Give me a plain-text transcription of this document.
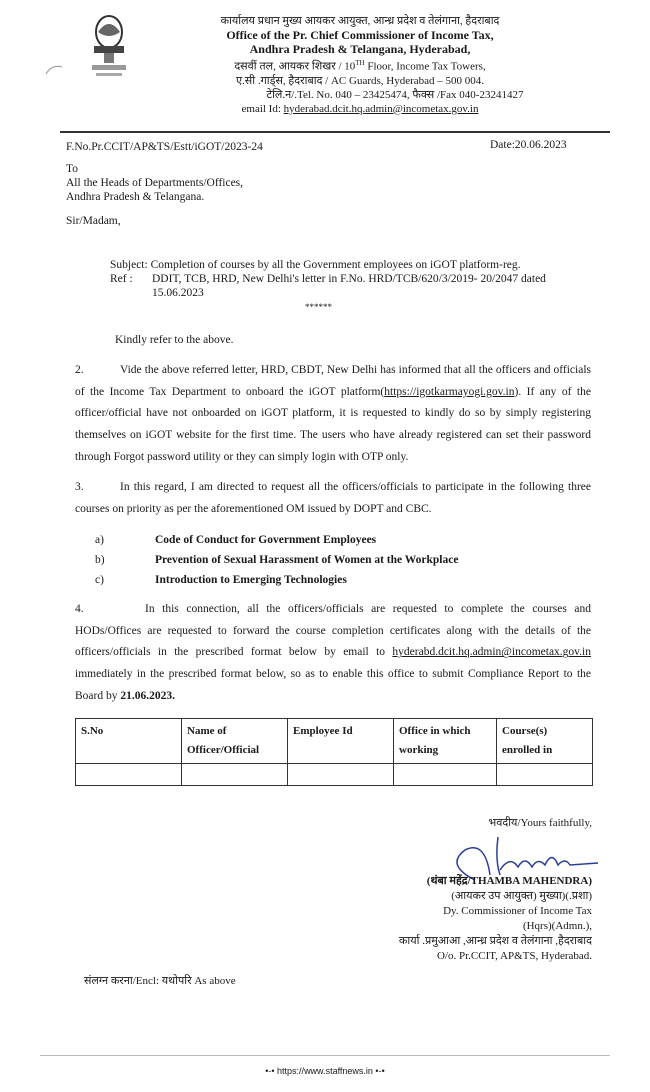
कार्यालय प्रधान मुख्य आयकर आयुक्त, आन्ध्र प्रदेश व तेलंगाना, हैदराबाद
Office of the Pr. Chief Commissioner of Income Tax,
Andhra Pradesh & Telangana, Hyderabad,
दसवीं तल, आयकर शिखर / 10TH Floor, Income Tax Towers,
ए.सी .गार्ड्स, हैदराबाद / AC Guards, Hyderabad – 500 004.
टेलि.न/.Tel. No. 040 – 23425474, फैक्स /Fax 040-23241427
email Id: hyderabad.dcit.hq.admin@incometax.gov.in
F.No.Pr.CCIT/AP&TS/Estt/iGOT/2023-24	Date:20.06.2023
To
All the Heads of Departments/Offices,
Andhra Pradesh & Telangana.
Sir/Madam,
Subject: Completion of courses by all the Government employees on iGOT platform-reg.
Ref :	DDIT, TCB, HRD, New Delhi's letter in F.No. HRD/TCB/620/3/2019- 20/2047 dated
15.06.2023
******
Kindly refer to the above.
2.	Vide the above referred letter, HRD, CBDT, New Delhi has informed that all the officers and officials of the Income Tax Department to onboard the iGOT platform(https://igotkarmayogi.gov.in). If any of the officer/official have not onboarded on iGOT platform, it is requested to kindly do so by simply registering themselves on iGOT website for the first time. The users who have already registered can set their password through Forgot password utility or they can simply login with OTP only.
3.	In this regard, I am directed to request all the officers/officials to participate in the following three courses on priority as per the aforementioned OM issued by DOPT and CBC.
a)	Code of Conduct for Government Employees
b)	Prevention of Sexual Harassment of Women at the Workplace
c)	Introduction to Emerging Technologies
4.	In this connection, all the officers/officials are requested to complete the courses and HODs/Offices are requested to forward the course completion certificates along with the details of the officers/officials in the prescribed format below by email to hyderabd.dcit.hq.admin@incometax.gov.in immediately in the prescribed format below, so as to enable this office to submit Compliance Report to the Board by 21.06.2023.
S.No	Name of Officer/Official	Employee Id	Office in which working	Course(s) enrolled in

भवदीय/Yours faithfully,
(थंबा महेंद्र/THAMBA MAHENDRA)
(आयकर उप आयुक्त) मुख्या)(.प्रशा)
Dy. Commissioner of Income Tax
(Hqrs)(Admn.),
कार्या .प्रमुआआ ,आन्ध्र प्रदेश व तेलंगाना ,हैदराबाद
O/o. Pr.CCIT, AP&TS, Hyderabad.
संलग्न करना/Encl: यथोपरि As above
•-• https://www.staffnews.in •-•
